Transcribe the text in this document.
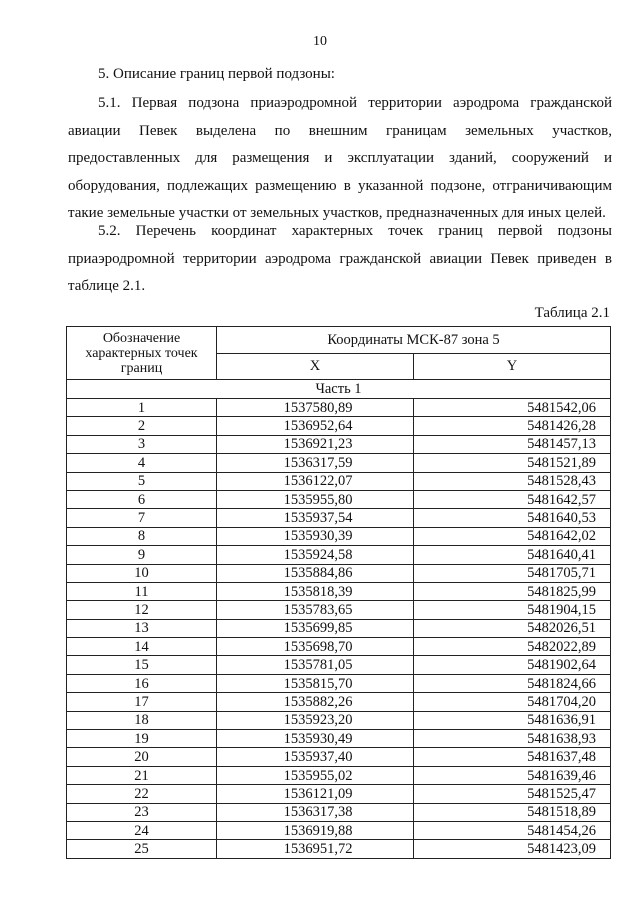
10
5. Описание границ первой подзоны:
5.1. Первая подзона приаэродромной территории аэродрома гражданской
авиации Певек выделена по внешним границам земельных участков,
предоставленных для размещения и эксплуатации зданий, сооружений и
оборудования, подлежащих размещению в указанной подзоне, отграничивающим
такие земельные участки от земельных участков, предназначенных для иных целей.
5.2. Перечень координат характерных точек границ первой подзоны
приаэродромной территории аэродрома гражданской авиации Певек приведен в
таблице 2.1.
Таблица 2.1
Обозначение характерных точек границ	Координаты МСК-87 зона 5	
	X	Y
Часть 1		
1	1537580,89	5481542,06
2	1536952,64	5481426,28
3	1536921,23	5481457,13
4	1536317,59	5481521,89
5	1536122,07	5481528,43
6	1535955,80	5481642,57
7	1535937,54	5481640,53
8	1535930,39	5481642,02
9	1535924,58	5481640,41
10	1535884,86	5481705,71
11	1535818,39	5481825,99
12	1535783,65	5481904,15
13	1535699,85	5482026,51
14	1535698,70	5482022,89
15	1535781,05	5481902,64
16	1535815,70	5481824,66
17	1535882,26	5481704,20
18	1535923,20	5481636,91
19	1535930,49	5481638,93
20	1535937,40	5481637,48
21	1535955,02	5481639,46
22	1536121,09	5481525,47
23	1536317,38	5481518,89
24	1536919,88	5481454,26
25	1536951,72	5481423,09
